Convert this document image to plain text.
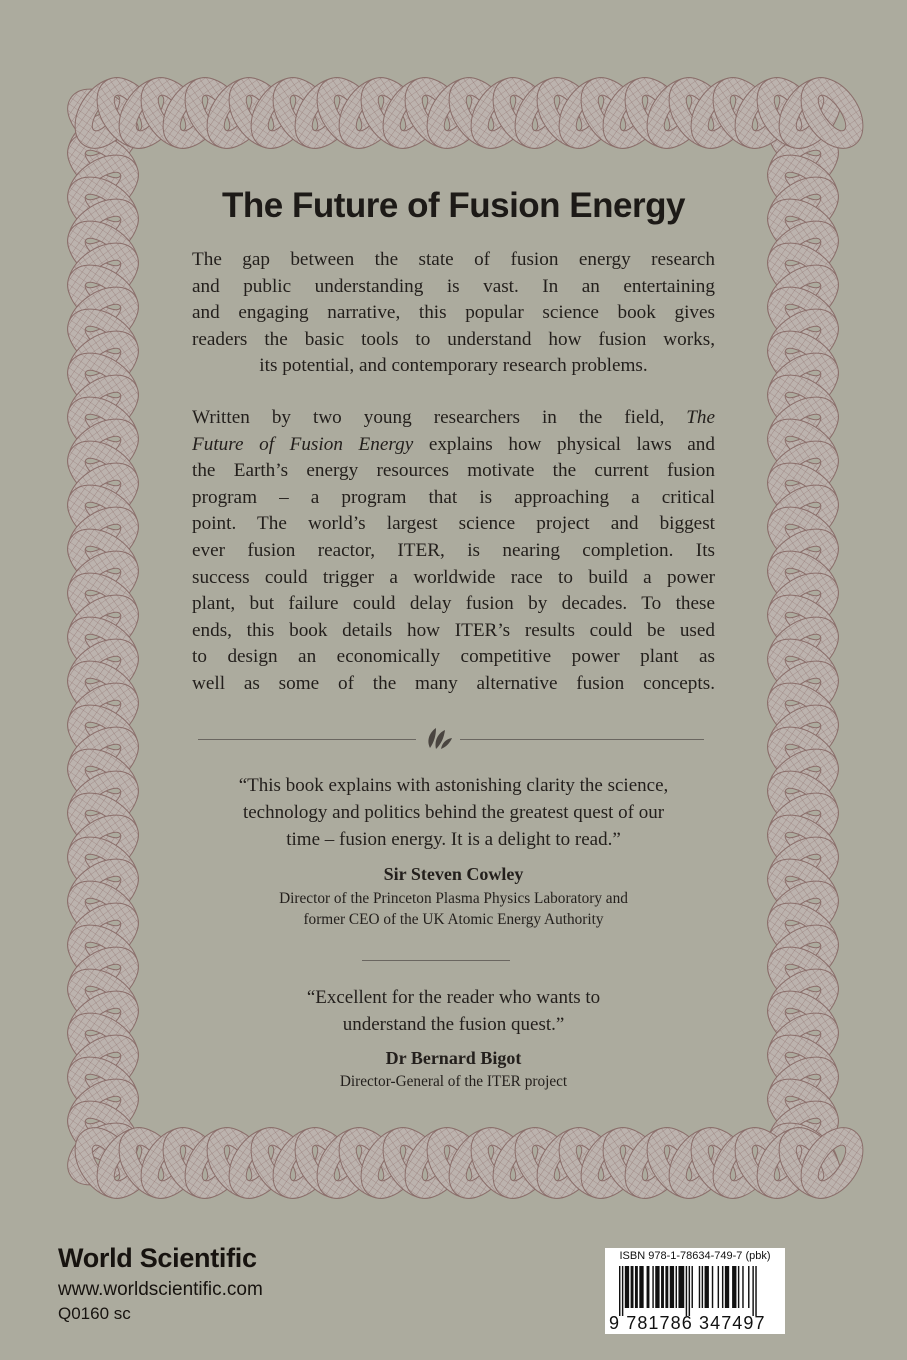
The Future of Fusion Energy
The gap between the state of fusion energy research
and public understanding is vast. In an entertaining
and engaging narrative, this popular science book gives
readers the basic tools to understand how fusion works,
its potential, and contemporary research problems.
Written by two young researchers in the field, The
Future of Fusion Energy explains how physical laws and
the Earth’s energy resources motivate the current fusion
program – a program that is approaching a critical
point. The world’s largest science project and biggest
ever fusion reactor, ITER, is nearing completion. Its
success could trigger a worldwide race to build a power
plant, but failure could delay fusion by decades. To these
ends, this book details how ITER’s results could be used
to design an economically competitive power plant as
well as some of the many alternative fusion concepts.
“This book explains with astonishing clarity the science,
technology and politics behind the greatest quest of our
time – fusion energy. It is a delight to read.”
Sir Steven Cowley
Director of the Princeton Plasma Physics Laboratory and
former CEO of the UK Atomic Energy Authority
“Excellent for the reader who wants to
understand the fusion quest.”
Dr Bernard Bigot
Director-General of the ITER project
World Scientific
www.worldscientific.com
Q0160 sc
ISBN 978-1-78634-749-7 (pbk)
9 781786 347497
